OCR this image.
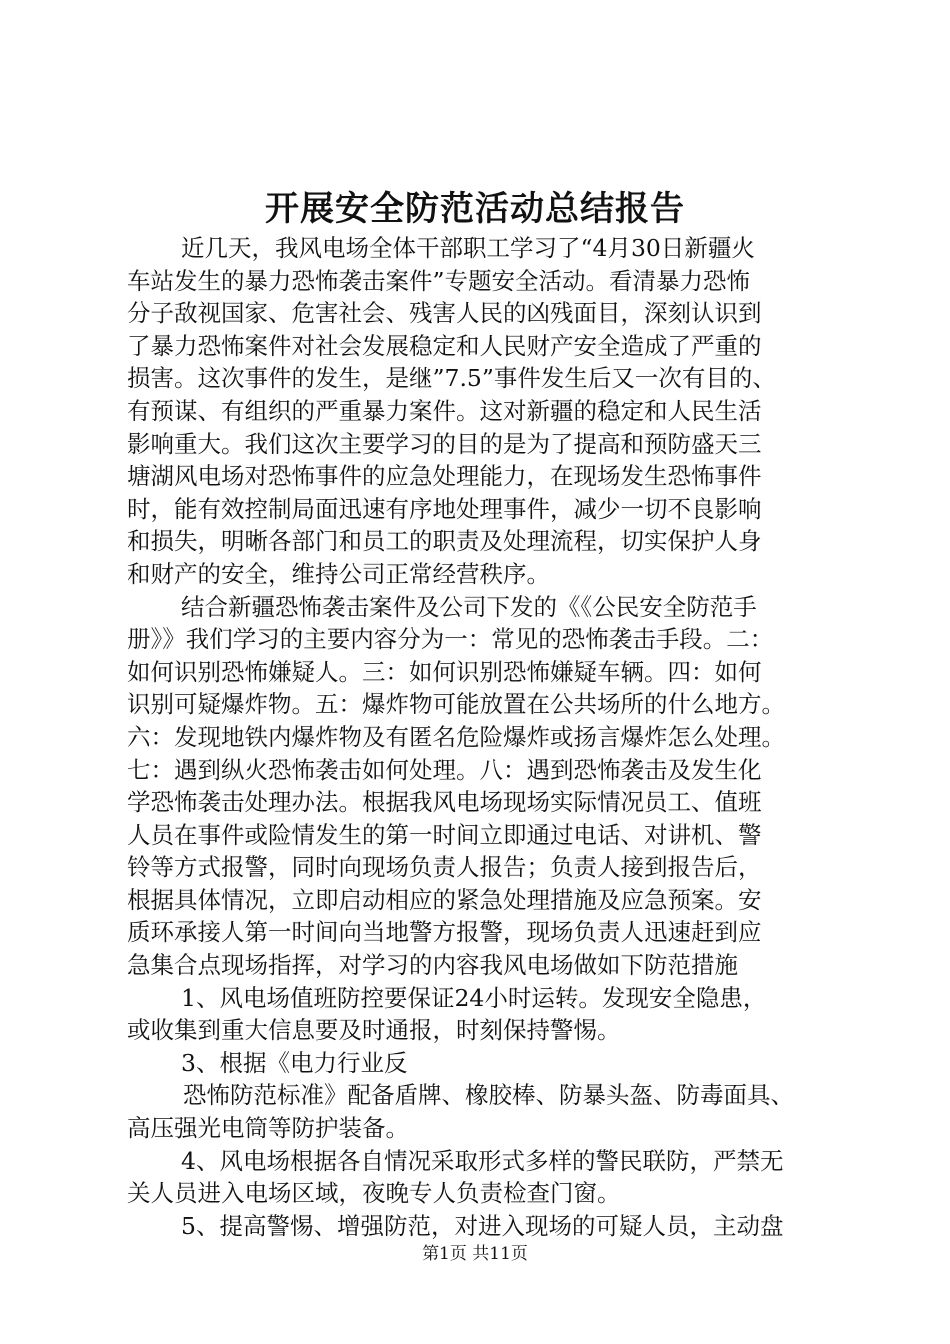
开展安全防范活动总结报告
近几天，我风电场全体干部职工学习了“4月30日新疆火
车站发生的暴力恐怖袭击案件”专题安全活动。看清暴力恐怖
分子敌视国家、危害社会、残害人民的凶残面目，深刻认识到
了暴力恐怖案件对社会发展稳定和人民财产安全造成了严重的
损害。这次事件的发生，是继”7.5”事件发生后又一次有目的、
有预谋、有组织的严重暴力案件。这对新疆的稳定和人民生活
影响重大。我们这次主要学习的目的是为了提高和预防盛天三
塘湖风电场对恐怖事件的应急处理能力，在现场发生恐怖事件
时，能有效控制局面迅速有序地处理事件，减少一切不良影响
和损失，明晰各部门和员工的职责及处理流程，切实保护人身
和财产的安全，维持公司正常经营秩序。
结合新疆恐怖袭击案件及公司下发的《《公民安全防范手
册》》我们学习的主要内容分为一：常见的恐怖袭击手段。二：
如何识别恐怖嫌疑人。三：如何识别恐怖嫌疑车辆。四：如何
识别可疑爆炸物。五：爆炸物可能放置在公共场所的什么地方。
六：发现地铁内爆炸物及有匿名危险爆炸或扬言爆炸怎么处理。
七：遇到纵火恐怖袭击如何处理。八：遇到恐怖袭击及发生化
学恐怖袭击处理办法。根据我风电场现场实际情况员工、值班
人员在事件或险情发生的第一时间立即通过电话、对讲机、警
铃等方式报警，同时向现场负责人报告；负责人接到报告后，
根据具体情况，立即启动相应的紧急处理措施及应急预案。安
质环承接人第一时间向当地警方报警，现场负责人迅速赶到应
急集合点现场指挥，对学习的内容我风电场做如下防范措施
1、风电场值班防控要保证24小时运转。发现安全隐患，
或收集到重大信息要及时通报，时刻保持警惕。
3、根据《电力行业反
恐怖防范标准》配备盾牌、橡胶棒、防暴头盔、防毒面具、
高压强光电筒等防护装备。
4、风电场根据各自情况采取形式多样的警民联防，严禁无
关人员进入电场区域，夜晚专人负责检查门窗。
5、提高警惕、增强防范，对进入现场的可疑人员，主动盘
第1页 共11页
